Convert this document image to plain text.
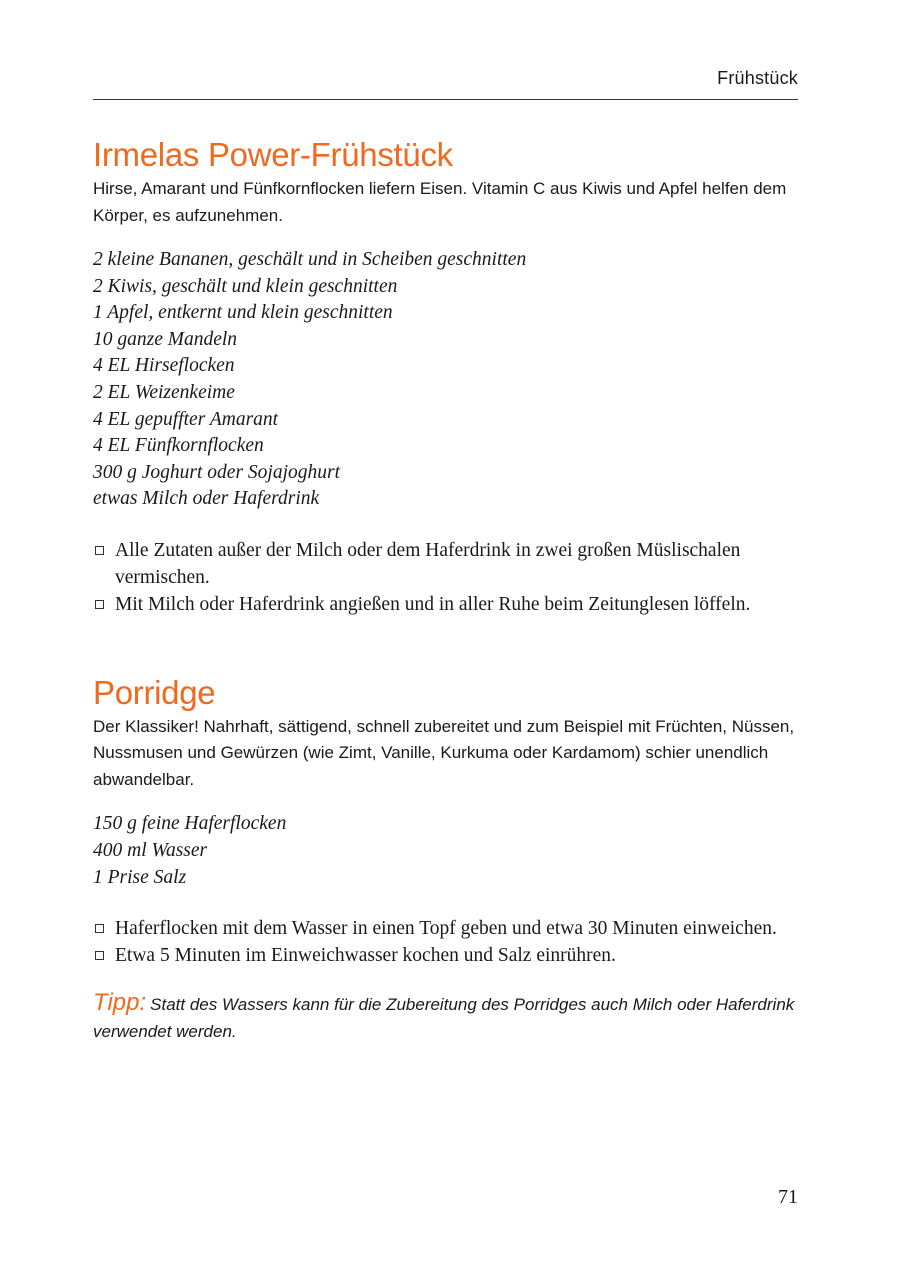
Frühstück
Irmelas Power-Frühstück

Hirse, Amarant und Fünfkornflocken liefern Eisen. Vitamin C aus Kiwis und Apfel helfen dem Körper, es aufzunehmen.

2 kleine Bananen, geschält und in Scheiben geschnitten
2 Kiwis, geschält und klein geschnitten
1 Apfel, entkernt und klein geschnitten
10 ganze Mandeln
4 EL Hirseflocken
2 EL Weizenkeime
4 EL gepuffter Amarant
4 EL Fünfkornflocken
300 g Joghurt oder Sojajoghurt
etwas Milch oder Haferdrink
Alle Zutaten außer der Milch oder dem Haferdrink in zwei großen Müslischalen vermischen.
Mit Milch oder Haferdrink angießen und in aller Ruhe beim Zeitunglesen löffeln.
Porridge

Der Klassiker! Nahrhaft, sättigend, schnell zubereitet und zum Beispiel mit Früchten, Nüssen, Nussmusen und Gewürzen (wie Zimt, Vanille, Kurkuma oder Kardamom) schier unendlich abwandelbar.

150 g feine Haferflocken
400 ml Wasser
1 Prise Salz
Haferflocken mit dem Wasser in einen Topf geben und etwa 30 Minuten einweichen.
Etwa 5 Minuten im Einweichwasser kochen und Salz einrühren.

Tipp: Statt des Wassers kann für die Zubereitung des Porridges auch Milch oder Haferdrink verwendet werden.

71
